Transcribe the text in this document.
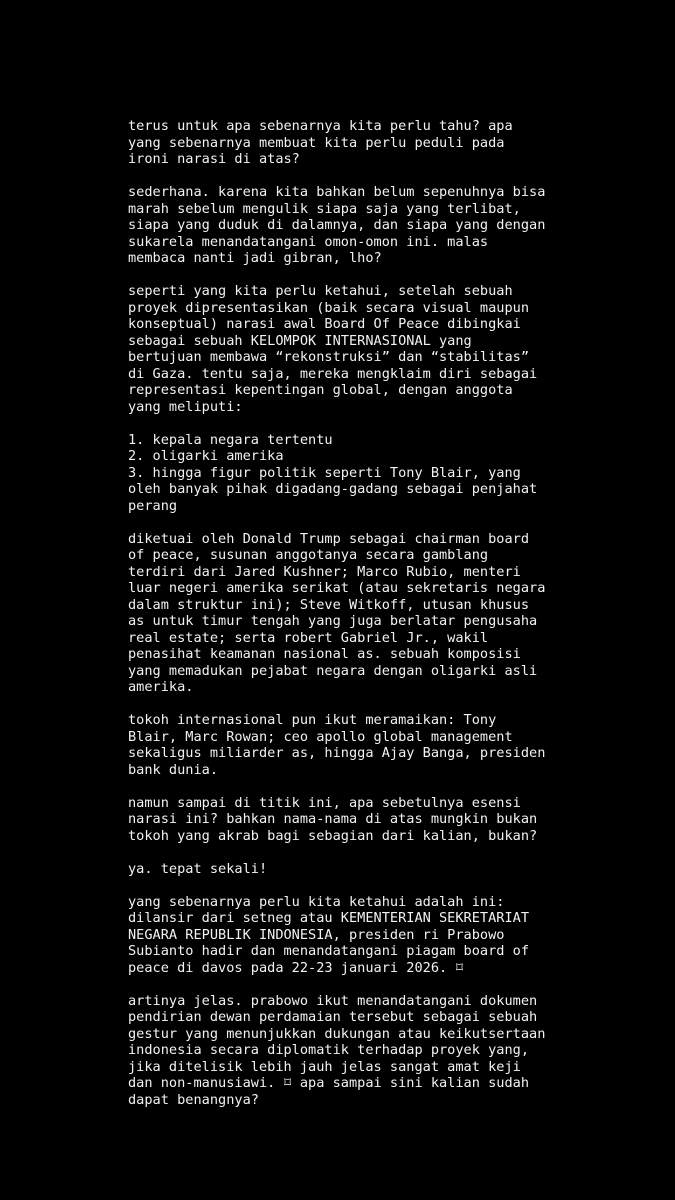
terus untuk apa sebenarnya kita perlu tahu? apa
yang sebenarnya membuat kita perlu peduli pada
ironi narasi di atas?

sederhana. karena kita bahkan belum sepenuhnya bisa
marah sebelum mengulik siapa saja yang terlibat,
siapa yang duduk di dalamnya, dan siapa yang dengan
sukarela menandatangani omon-omon ini. malas
membaca nanti jadi gibran, lho?

seperti yang kita perlu ketahui, setelah sebuah
proyek dipresentasikan (baik secara visual maupun
konseptual) narasi awal Board Of Peace dibingkai
sebagai sebuah KELOMPOK INTERNASIONAL yang
bertujuan membawa “rekonstruksi” dan “stabilitas”
di Gaza. tentu saja, mereka mengklaim diri sebagai
representasi kepentingan global, dengan anggota
yang meliputi:

1. kepala negara tertentu
2. oligarki amerika
3. hingga figur politik seperti Tony Blair, yang
oleh banyak pihak digadang-gadang sebagai penjahat
perang

diketuai oleh Donald Trump sebagai chairman board
of peace, susunan anggotanya secara gamblang
terdiri dari Jared Kushner; Marco Rubio, menteri
luar negeri amerika serikat (atau sekretaris negara
dalam struktur ini); Steve Witkoff, utusan khusus
as untuk timur tengah yang juga berlatar pengusaha
real estate; serta robert Gabriel Jr., wakil
penasihat keamanan nasional as. sebuah komposisi
yang memadukan pejabat negara dengan oligarki asli
amerika.

tokoh internasional pun ikut meramaikan: Tony
Blair, Marc Rowan; ceo apollo global management
sekaligus miliarder as, hingga Ajay Banga, presiden
bank dunia.

namun sampai di titik ini, apa sebetulnya esensi
narasi ini? bahkan nama-nama di atas mungkin bukan
tokoh yang akrab bagi sebagian dari kalian, bukan?

ya. tepat sekali!

yang sebenarnya perlu kita ketahui adalah ini:
dilansir dari setneg atau KEMENTERIAN SEKRETARIAT
NEGARA REPUBLIK INDONESIA, presiden ri Prabowo
Subianto hadir dan menandatangani piagam board of
peace di davos pada 22-23 januari 2026. ⌑

artinya jelas. prabowo ikut menandatangani dokumen
pendirian dewan perdamaian tersebut sebagai sebuah
gestur yang menunjukkan dukungan atau keikutsertaan
indonesia secara diplomatik terhadap proyek yang,
jika ditelisik lebih jauh jelas sangat amat keji
dan non-manusiawi. ⌑ apa sampai sini kalian sudah
dapat benangnya?
